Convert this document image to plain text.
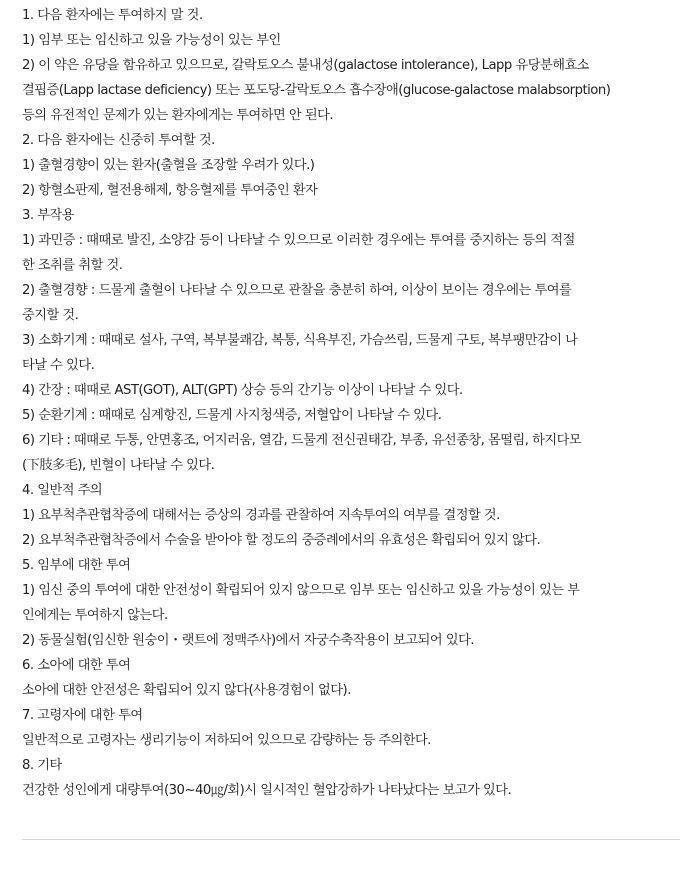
1. 다음 환자에는 투여하지 말 것.
1) 임부 또는 임신하고 있을 가능성이 있는 부인
2) 이 약은 유당을 함유하고 있으므로, 갈락토오스 불내성(galactose intolerance), Lapp 유당분해효소
결핍증(Lapp lactase deficiency) 또는 포도당-갈락토오스 흡수장애(glucose-galactose malabsorption)
등의 유전적인 문제가 있는 환자에게는 투여하면 안 된다.
2. 다음 환자에는 신중히 투여할 것.
1) 출혈경향이 있는 환자(출혈을 조장할 우려가 있다.)
2) 항혈소판제, 혈전용해제, 항응혈제를 투여중인 환자
3. 부작용
1) 과민증 : 때때로 발진, 소양감 등이 나타날 수 있으므로 이러한 경우에는 투여를 중지하는 등의 적절
한 조취를 취할 것.
2) 출혈경향 : 드물게 출혈이 나타날 수 있으므로 관찰을 충분히 하여, 이상이 보이는 경우에는 투여를
중지할 것.
3) 소화기계 : 때때로 설사, 구역, 복부불쾌감, 복통, 식욕부진, 가슴쓰림, 드물게 구토, 복부팽만감이 나
타날 수 있다.
4) 간장 : 때때로 AST(GOT), ALT(GPT) 상승 등의 간기능 이상이 나타날 수 있다.
5) 순환기계 : 때때로 심계항진, 드물게 사지청색증, 저혈압이 나타날 수 있다.
6) 기타 : 때때로 두통, 안면홍조, 어지러움, 열감, 드물게 전신권태감, 부종, 유선종창, 몸떨림, 하지다모
(下肢多毛), 빈혈이 나타날 수 있다.
4. 일반적 주의
1) 요부척추관협착증에 대해서는 증상의 경과를 관찰하여 지속투여의 여부를 결정할 것.
2) 요부척추관협착증에서 수술을 받아야 할 정도의 중증례에서의 유효성은 확립되어 있지 않다.
5. 임부에 대한 투여
1) 임신 중의 투여에 대한 안전성이 확립되어 있지 않으므로 임부 또는 임신하고 있을 가능성이 있는 부
인에게는 투여하지 않는다.
2) 동물실험(임신한 원숭이・랫트에 정맥주사)에서 자궁수축작용이 보고되어 있다.
6. 소아에 대한 투여
소아에 대한 안전성은 확립되어 있지 않다(사용경험이 없다).
7. 고령자에 대한 투여
일반적으로 고령자는 생리기능이 저하되어 있으므로 감량하는 등 주의한다.
8. 기타
건강한 성인에게 대량투여(30~40㎍/회)시 일시적인 혈압강하가 나타났다는 보고가 있다.
